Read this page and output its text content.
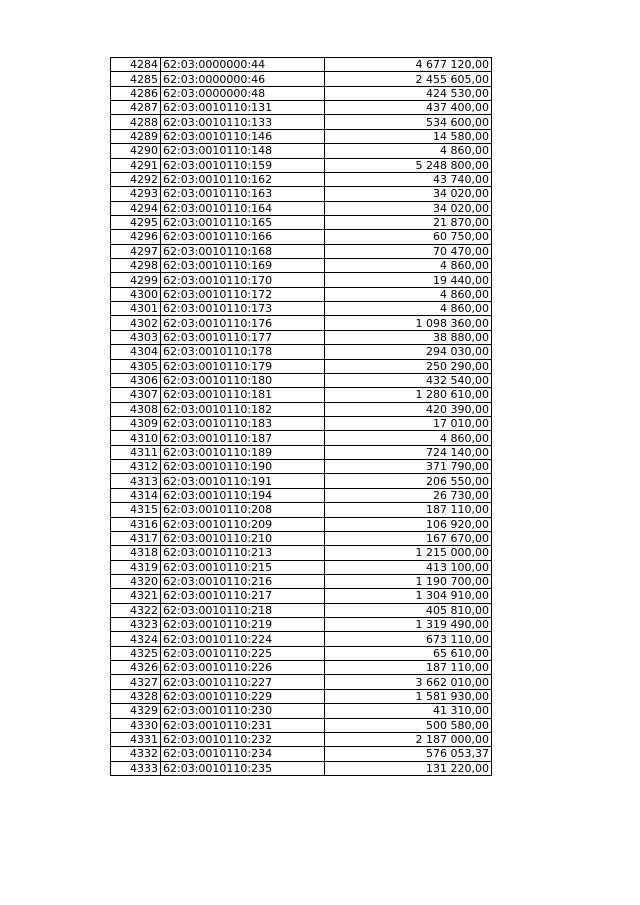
4284	62:03:0000000:44	4 677 120,00
4285	62:03:0000000:46	2 455 605,00
4286	62:03:0000000:48	424 530,00
4287	62:03:0010110:131	437 400,00
4288	62:03:0010110:133	534 600,00
4289	62:03:0010110:146	14 580,00
4290	62:03:0010110:148	4 860,00
4291	62:03:0010110:159	5 248 800,00
4292	62:03:0010110:162	43 740,00
4293	62:03:0010110:163	34 020,00
4294	62:03:0010110:164	34 020,00
4295	62:03:0010110:165	21 870,00
4296	62:03:0010110:166	60 750,00
4297	62:03:0010110:168	70 470,00
4298	62:03:0010110:169	4 860,00
4299	62:03:0010110:170	19 440,00
4300	62:03:0010110:172	4 860,00
4301	62:03:0010110:173	4 860,00
4302	62:03:0010110:176	1 098 360,00
4303	62:03:0010110:177	38 880,00
4304	62:03:0010110:178	294 030,00
4305	62:03:0010110:179	250 290,00
4306	62:03:0010110:180	432 540,00
4307	62:03:0010110:181	1 280 610,00
4308	62:03:0010110:182	420 390,00
4309	62:03:0010110:183	17 010,00
4310	62:03:0010110:187	4 860,00
4311	62:03:0010110:189	724 140,00
4312	62:03:0010110:190	371 790,00
4313	62:03:0010110:191	206 550,00
4314	62:03:0010110:194	26 730,00
4315	62:03:0010110:208	187 110,00
4316	62:03:0010110:209	106 920,00
4317	62:03:0010110:210	167 670,00
4318	62:03:0010110:213	1 215 000,00
4319	62:03:0010110:215	413 100,00
4320	62:03:0010110:216	1 190 700,00
4321	62:03:0010110:217	1 304 910,00
4322	62:03:0010110:218	405 810,00
4323	62:03:0010110:219	1 319 490,00
4324	62:03:0010110:224	673 110,00
4325	62:03:0010110:225	65 610,00
4326	62:03:0010110:226	187 110,00
4327	62:03:0010110:227	3 662 010,00
4328	62:03:0010110:229	1 581 930,00
4329	62:03:0010110:230	41 310,00
4330	62:03:0010110:231	500 580,00
4331	62:03:0010110:232	2 187 000,00
4332	62:03:0010110:234	576 053,37
4333	62:03:0010110:235	131 220,00
